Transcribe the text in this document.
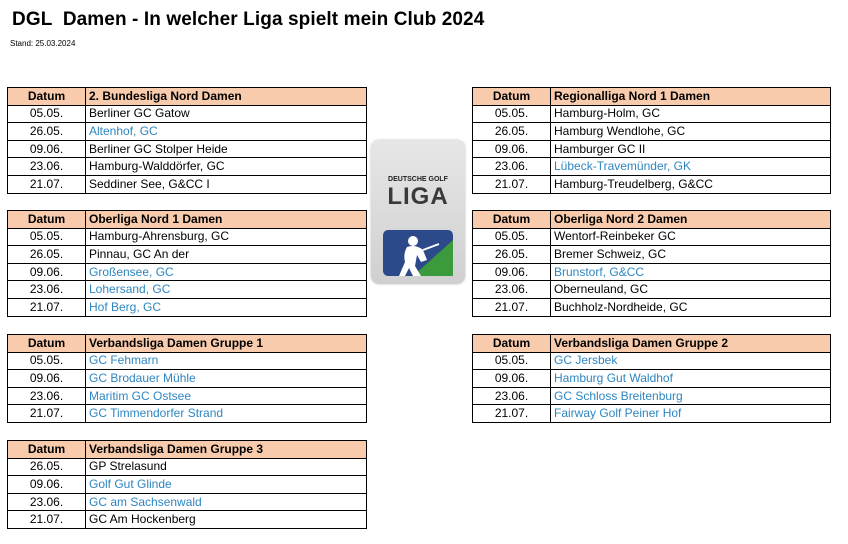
DGL  Damen - In welcher Liga spielt mein Club 2024
Stand: 25.03.2024
DEUTSCHE GOLF
LIGA
Datum	2. Bundesliga Nord Damen
05.05.	Berliner GC Gatow
26.05.	Altenhof, GC
09.06.	Berliner GC Stolper Heide
23.06.	Hamburg-Walddörfer, GC
21.07.	Seddiner See, G&CC I
Datum	Regionalliga Nord 1 Damen
05.05.	Hamburg-Holm, GC
26.05.	Hamburg Wendlohe, GC
09.06.	Hamburger GC II
23.06.	Lübeck-Travemünder, GK
21.07.	Hamburg-Treudelberg, G&CC
Datum	Oberliga Nord 1 Damen
05.05.	Hamburg-Ahrensburg, GC
26.05.	Pinnau, GC An der
09.06.	Großensee, GC
23.06.	Lohersand, GC
21.07.	Hof Berg, GC
Datum	Oberliga Nord 2 Damen
05.05.	Wentorf-Reinbeker GC
26.05.	Bremer Schweiz, GC
09.06.	Brunstorf, G&CC
23.06.	Oberneuland, GC
21.07.	Buchholz-Nordheide, GC
Datum	Verbandsliga Damen Gruppe 1
05.05.	GC Fehmarn
09.06.	GC Brodauer Mühle
23.06.	Maritim GC Ostsee
21.07.	GC Timmendorfer Strand
Datum	Verbandsliga Damen Gruppe 2
05.05.	GC Jersbek
09.06.	Hamburg Gut Waldhof
23.06.	GC Schloss Breitenburg
21.07.	Fairway Golf Peiner Hof
Datum	Verbandsliga Damen Gruppe 3
26.05.	GP Strelasund
09.06.	Golf Gut Glinde
23.06.	GC am Sachsenwald
21.07.	GC Am Hockenberg
